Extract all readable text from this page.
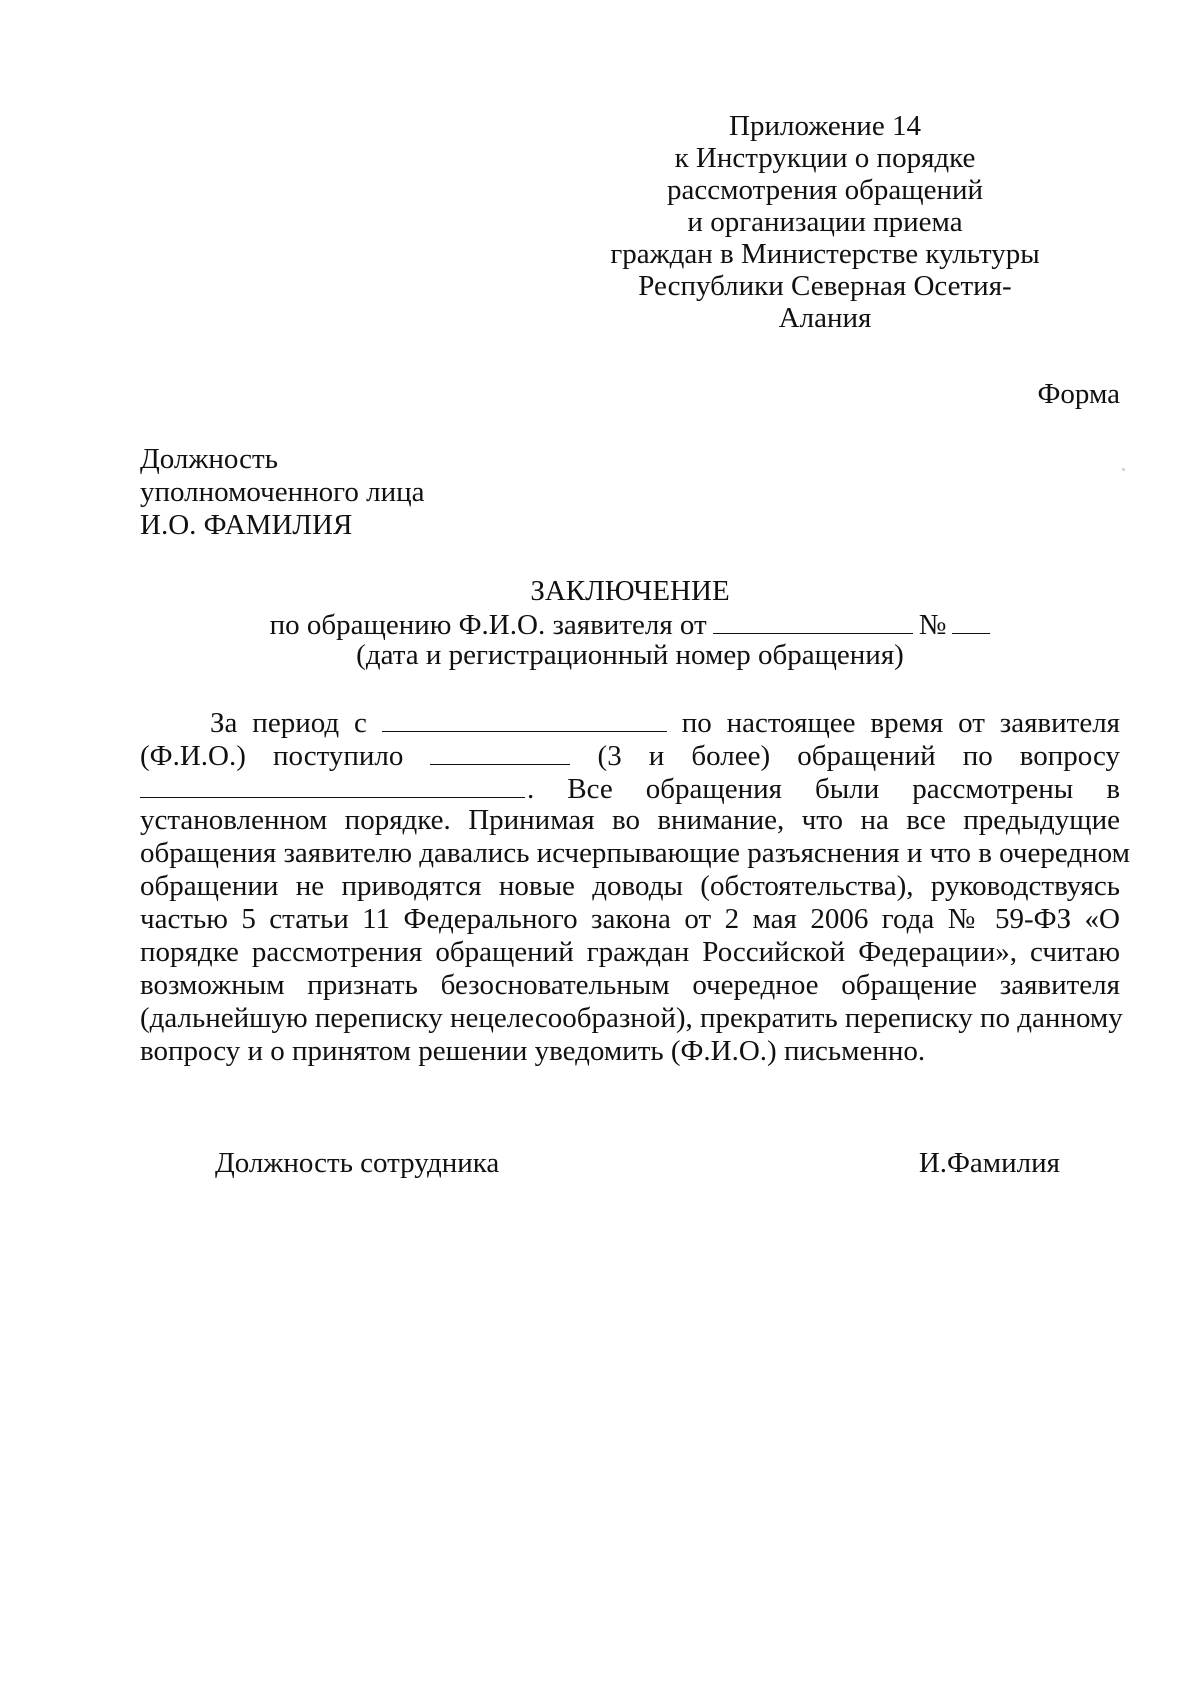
Приложение 14
к Инструкции о порядке
рассмотрения обращений
и организации приема
граждан в Министерстве культуры
Республики Северная Осетия-Алания
Форма
Должность
уполномоченного лица
И.О. ФАМИЛИЯ
ЗАКЛЮЧЕНИЕ
по обращению Ф.И.О. заявителя от	№
(дата и регистрационный номер обращения)
За период с	по настоящее время от заявителя
(Ф.И.О.) поступило	(3 и более) обращений по вопросу
. Все обращения были рассмотрены в
установленном порядке. Принимая во внимание, что на все предыдущие
обращения заявителю давались исчерпывающие разъяснения и что в очередном
обращении не приводятся новые доводы (обстоятельства), руководствуясь
частью 5 статьи 11 Федерального закона от 2 мая 2006 года № 59-ФЗ «О
порядке рассмотрения обращений граждан Российской Федерации», считаю
возможным признать безосновательным очередное обращение заявителя
(дальнейшую переписку нецелесообразной), прекратить переписку по данному
вопросу и о принятом решении уведомить (Ф.И.О.) письменно.
Должность сотрудника	И.Фамилия
